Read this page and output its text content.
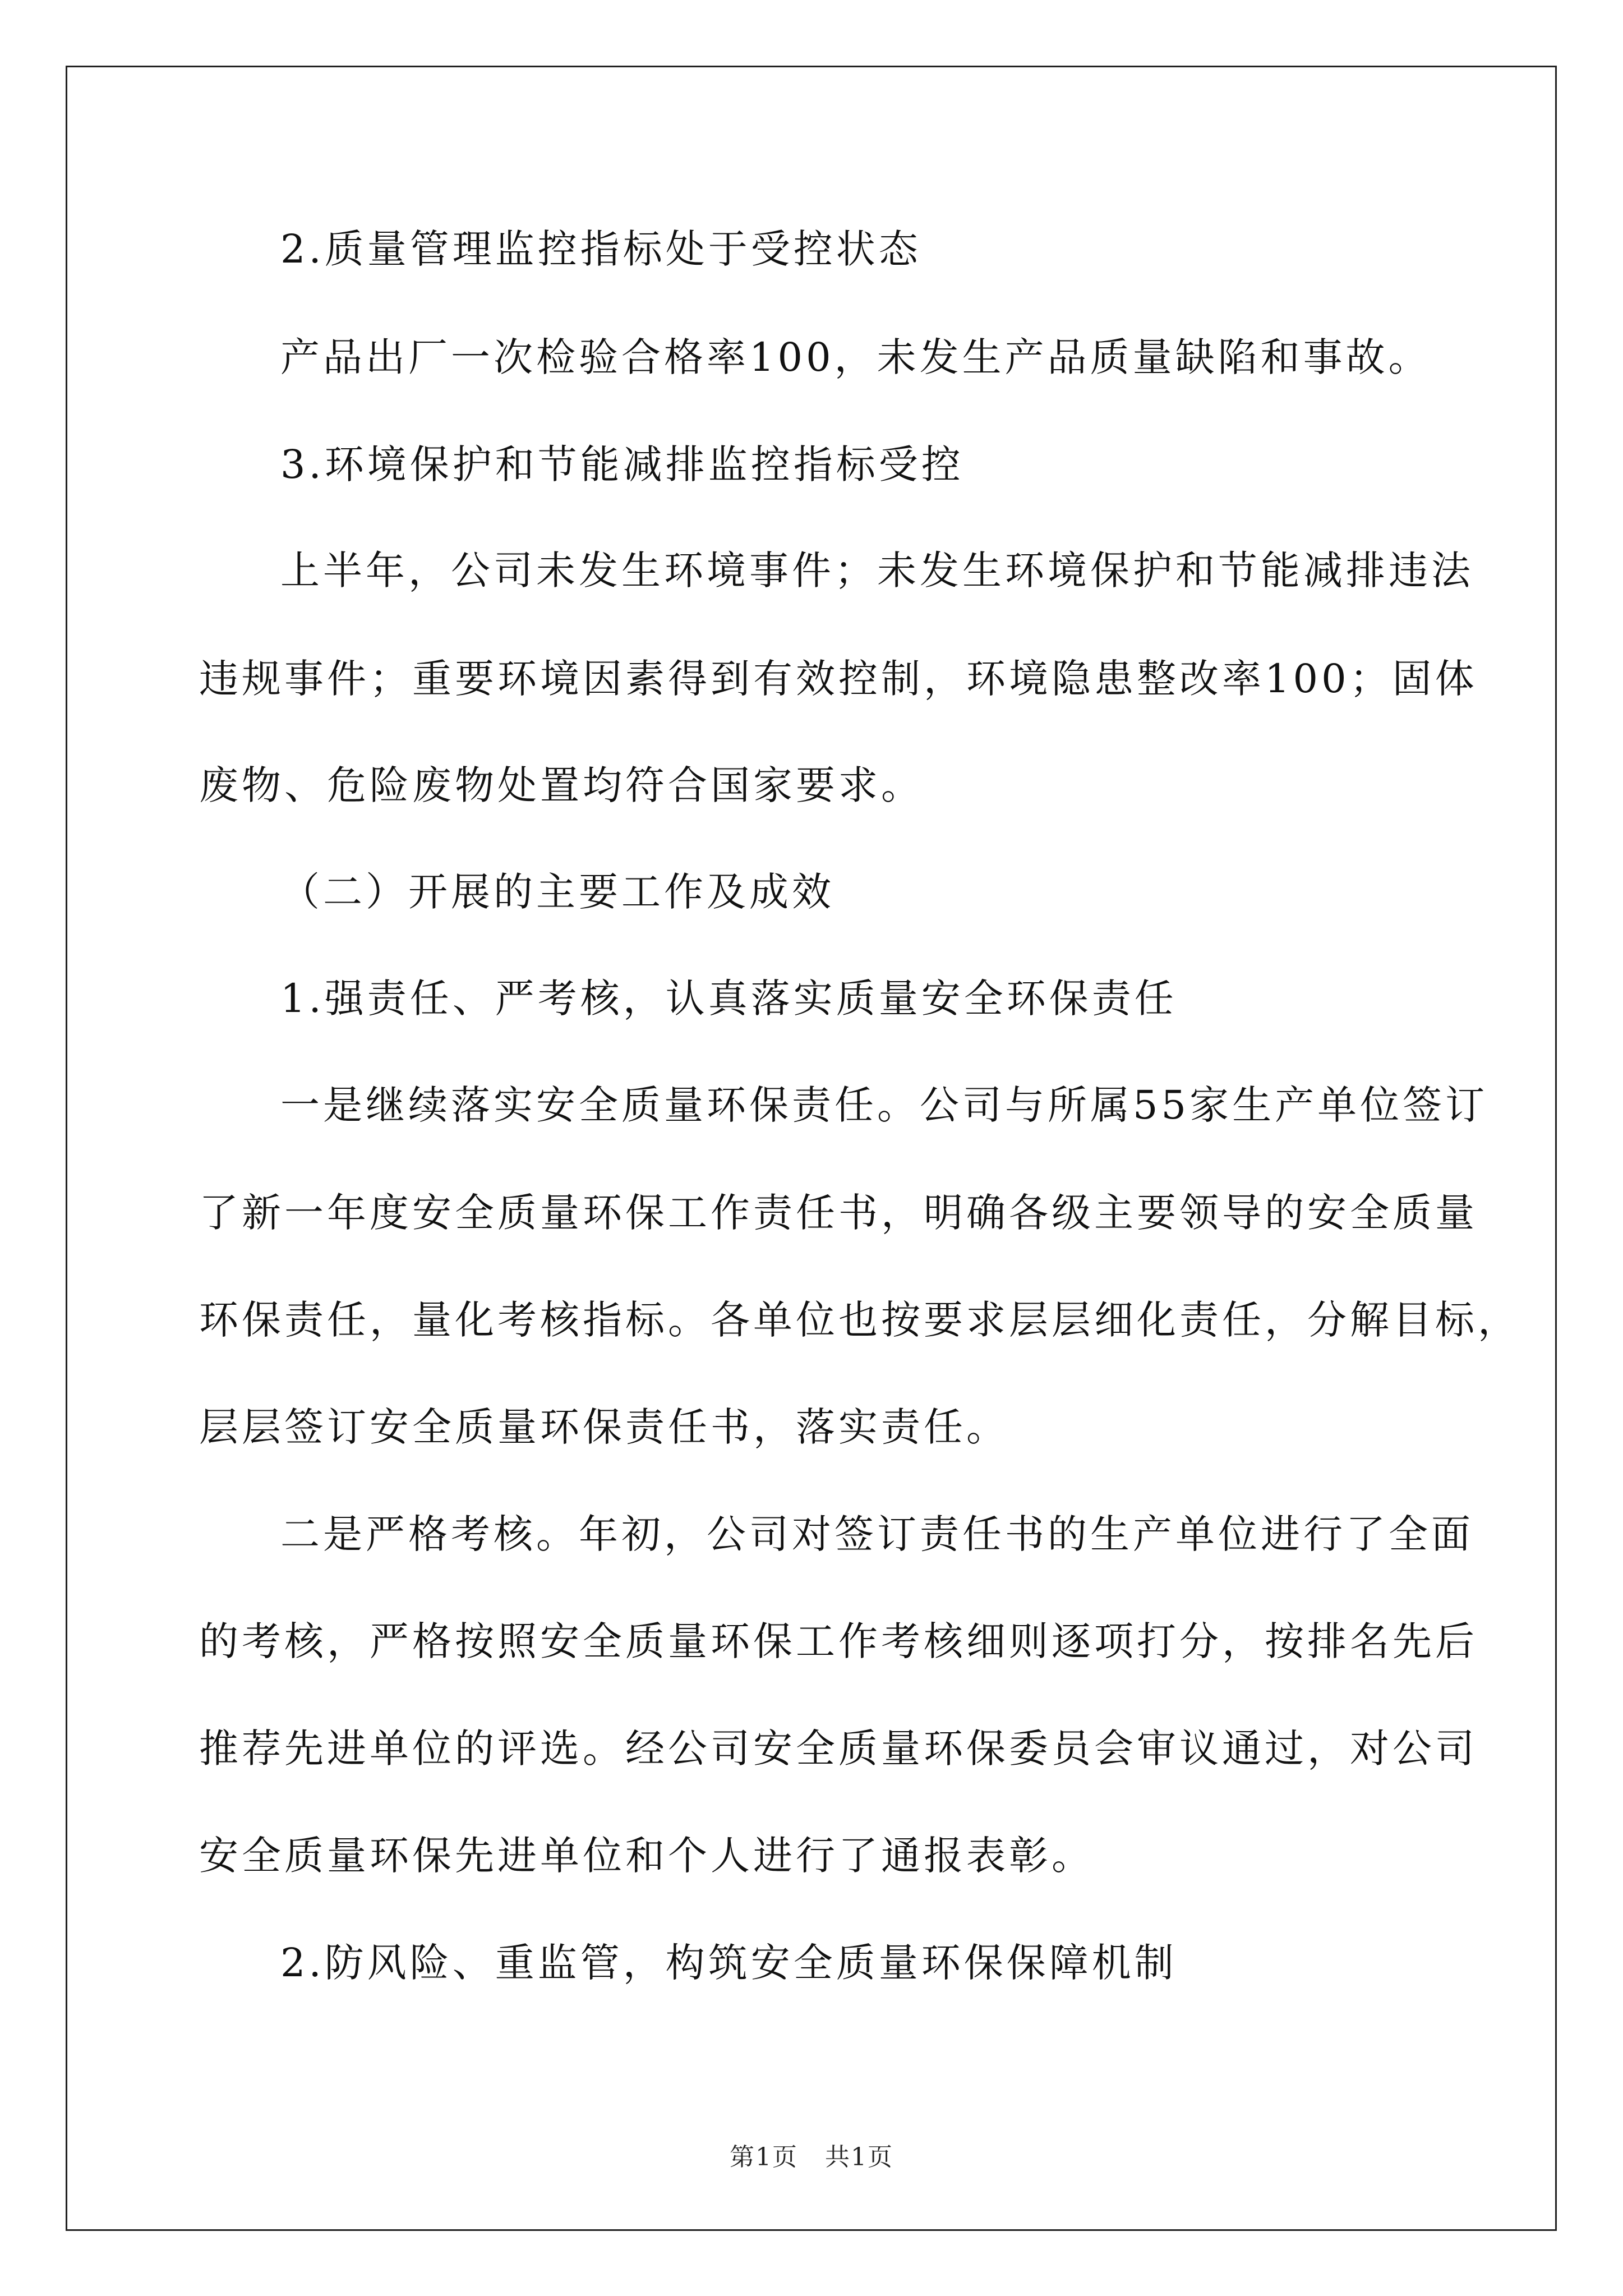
2.质量管理监控指标处于受控状态
产品出厂一次检验合格率100，未发生产品质量缺陷和事故。
3.环境保护和节能减排监控指标受控
上半年，公司未发生环境事件；未发生环境保护和节能减排违法
违规事件；重要环境因素得到有效控制，环境隐患整改率100；固体
废物、危险废物处置均符合国家要求。
（二）开展的主要工作及成效
1.强责任、严考核，认真落实质量安全环保责任
一是继续落实安全质量环保责任。公司与所属55家生产单位签订
了新一年度安全质量环保工作责任书，明确各级主要领导的安全质量
环保责任，量化考核指标。各单位也按要求层层细化责任，分解目标，
层层签订安全质量环保责任书，落实责任。
二是严格考核。年初，公司对签订责任书的生产单位进行了全面
的考核，严格按照安全质量环保工作考核细则逐项打分，按排名先后
推荐先进单位的评选。经公司安全质量环保委员会审议通过，对公司
安全质量环保先进单位和个人进行了通报表彰。
2.防风险、重监管，构筑安全质量环保保障机制
第1页 共1页
